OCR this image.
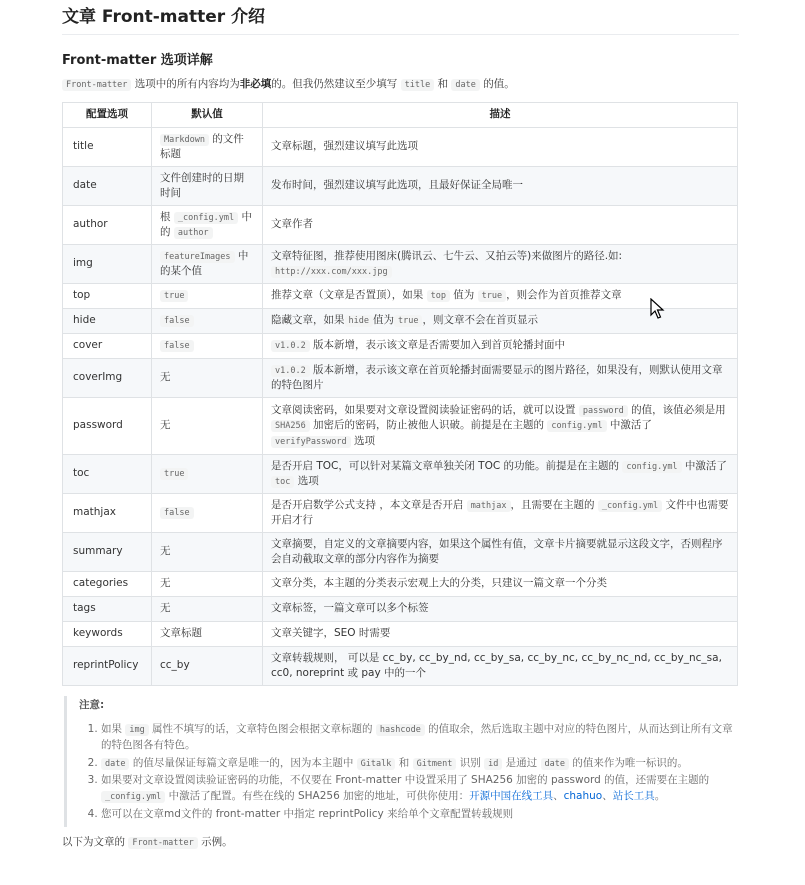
文章 Front-matter 介绍
Front-matter 选项详解

Front-matter 选项中的所有内容均为非必填的。但我仍然建议至少填写 title 和 date 的值。

配置选项	默认值	描述
title	Markdown 的文件标题	文章标题，强烈建议填写此选项
date	文件创建时的日期时间	发布时间，强烈建议填写此选项，且最好保证全局唯一
author	根 _config.yml 中的 author	文章作者
img	featureImages 中的某个值	文章特征图，推荐使用图床(腾讯云、七牛云、又拍云等)来做图片的路径.如:
http://xxx.com/xxx.jpg
top	true	推荐文章（文章是否置顶），如果 top 值为 true ，则会作为首页推荐文章
hide	false	隐藏文章，如果 hide 值为 true ，则文章不会在首页显示
cover	false	v1.0.2 版本新增，表示该文章是否需要加入到首页轮播封面中
coverImg	无	v1.0.2 版本新增，表示该文章在首页轮播封面需要显示的图片路径，如果没有，则默认使用文章的特色图片
password	无	文章阅读密码，如果要对文章设置阅读验证密码的话，就可以设置 password 的值，该值必须是用 SHA256 加密后的密码，防止被他人识破。前提是在主题的 config.yml 中激活了 verifyPassword 选项
toc	true	是否开启 TOC，可以针对某篇文章单独关闭 TOC 的功能。前提是在主题的 config.yml 中激活了 toc 选项
mathjax	false	是否开启数学公式支持 ，本文章是否开启 mathjax ，且需要在主题的 _config.yml 文件中也需要开启才行
summary	无	文章摘要，自定义的文章摘要内容，如果这个属性有值，文章卡片摘要就显示这段文字，否则程序会自动截取文章的部分内容作为摘要
categories	无	文章分类，本主题的分类表示宏观上大的分类，只建议一篇文章一个分类
tags	无	文章标签，一篇文章可以多个标签
keywords	文章标题	文章关键字，SEO 时需要
reprintPolicy	cc_by	文章转载规则， 可以是 cc_by, cc_by_nd, cc_by_sa, cc_by_nc, cc_by_nc_nd, cc_by_nc_sa, cc0, noreprint 或 pay 中的一个

注意:

1. 如果 img 属性不填写的话，文章特色图会根据文章标题的 hashcode 的值取余，然后选取主题中对应的特色图片，从而达到让所有文章的特色图各有特色。
2. date 的值尽量保证每篇文章是唯一的，因为本主题中 Gitalk 和 Gitment 识别 id 是通过 date 的值来作为唯一标识的。
3. 如果要对文章设置阅读验证密码的功能，不仅要在 Front-matter 中设置采用了 SHA256 加密的 password 的值，还需要在主题的 _config.yml 中激活了配置。有些在线的 SHA256 加密的地址，可供你使用：开源中国在线工具、chahuo、站长工具。
4. 您可以在文章md文件的 front-matter 中指定 reprintPolicy 来给单个文章配置转载规则

以下为文章的 Front-matter 示例。
